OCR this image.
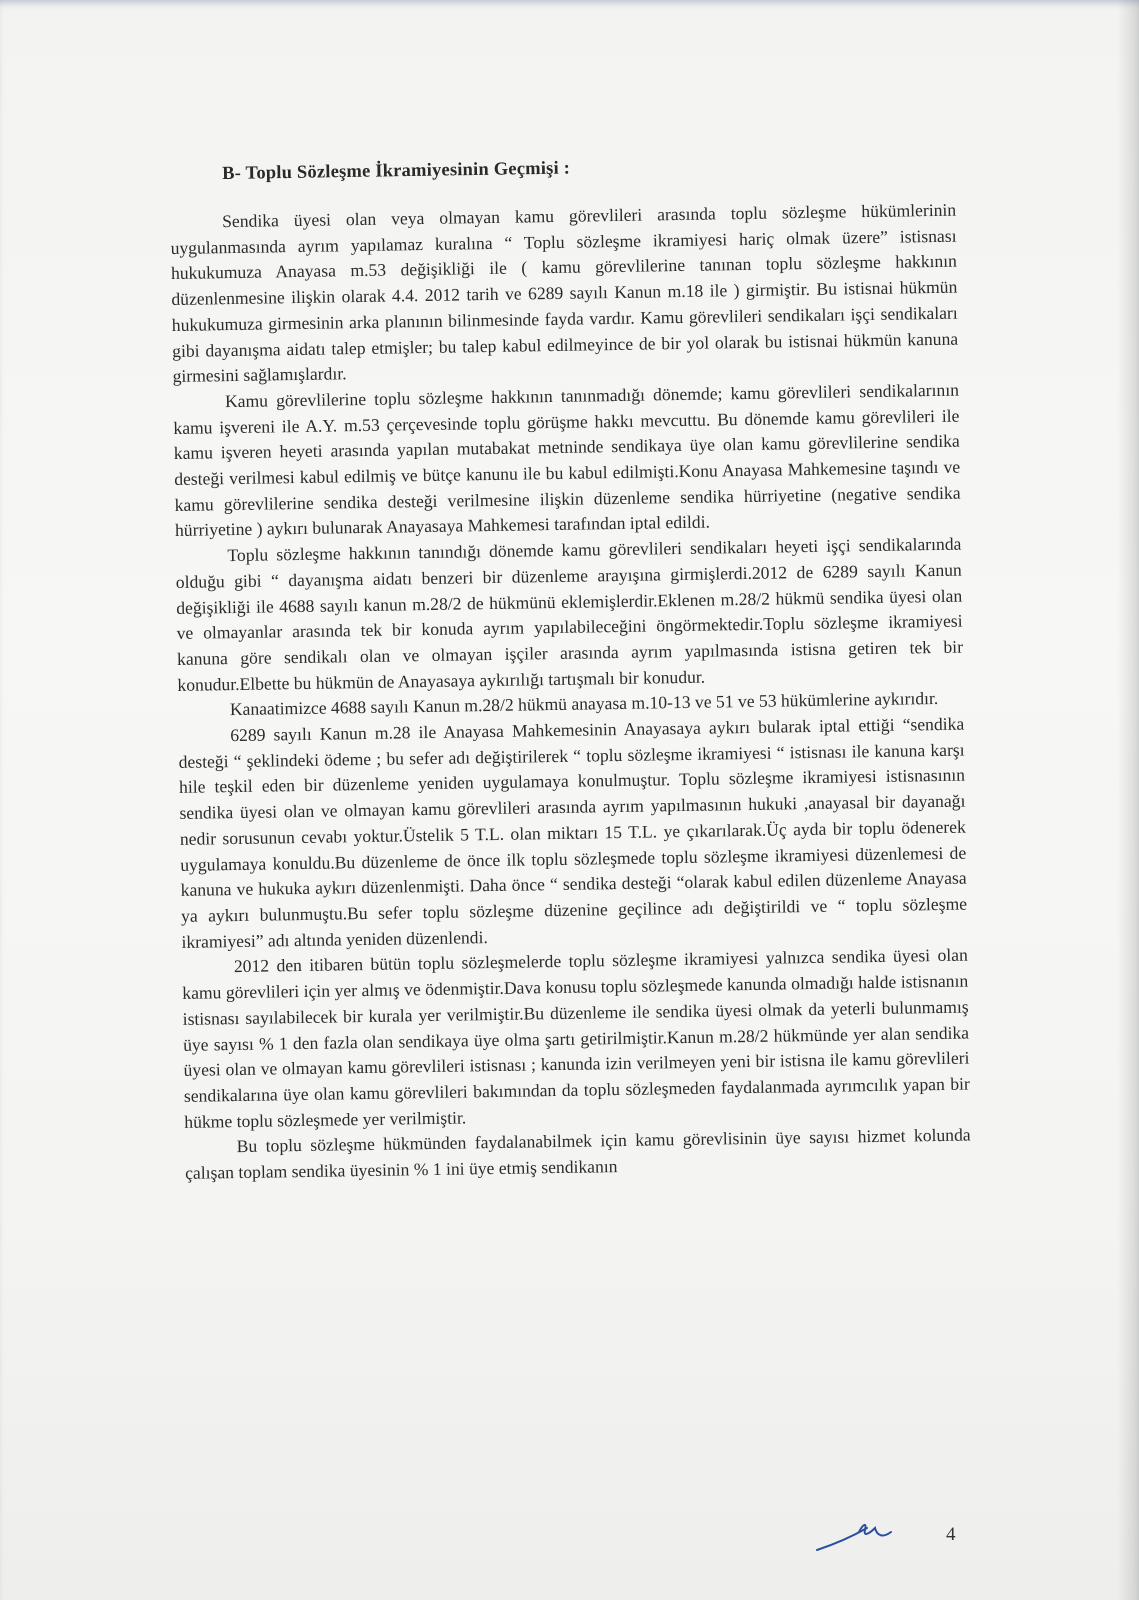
B- Toplu Sözleşme İkramiyesinin Geçmişi :

Sendika üyesi olan veya olmayan kamu görevlileri arasında toplu sözleşme hükümlerinin uygulanmasında ayrım yapılamaz kuralına “ Toplu sözleşme ikramiyesi hariç olmak üzere” istisnası hukukumuza Anayasa m.53 değişikliği ile ( kamu görevlilerine tanınan toplu sözleşme hakkının düzenlenmesine ilişkin olarak 4.4. 2012 tarih ve 6289 sayılı Kanun m.18 ile ) girmiştir. Bu istisnai hükmün hukukumuza girmesinin arka planının bilinmesinde fayda vardır. Kamu görevlileri sendikaları işçi sendikaları gibi dayanışma aidatı talep etmişler; bu talep kabul edilmeyince de bir yol olarak bu istisnai hükmün kanuna girmesini sağlamışlardır.

Kamu görevlilerine toplu sözleşme hakkının tanınmadığı dönemde; kamu görevlileri sendikalarının kamu işvereni ile A.Y. m.53 çerçevesinde toplu görüşme hakkı mevcuttu. Bu dönemde kamu görevlileri ile kamu işveren heyeti arasında yapılan mutabakat metninde sendikaya üye olan kamu görevlilerine sendika desteği verilmesi kabul edilmiş ve bütçe kanunu ile bu kabul edilmişti.Konu Anayasa Mahkemesine taşındı ve kamu görevlilerine sendika desteği verilmesine ilişkin düzenleme sendika hürriyetine (negative sendika hürriyetine ) aykırı bulunarak Anayasaya Mahkemesi tarafından iptal edildi.

Toplu sözleşme hakkının tanındığı dönemde kamu görevlileri sendikaları heyeti işçi sendikalarında olduğu gibi “ dayanışma aidatı benzeri bir düzenleme arayışına girmişlerdi.2012 de 6289 sayılı Kanun değişikliği ile 4688 sayılı kanun m.28/2 de hükmünü eklemişlerdir.Eklenen m.28/2 hükmü sendika üyesi olan ve olmayanlar arasında tek bir konuda ayrım yapılabileceğini öngörmektedir.Toplu sözleşme ikramiyesi kanuna göre sendikalı olan ve olmayan işçiler arasında ayrım yapılmasında istisna getiren tek bir konudur.Elbette bu hükmün de Anayasaya aykırılığı tartışmalı bir konudur.

Kanaatimizce 4688 sayılı Kanun m.28/2 hükmü anayasa m.10-13 ve 51 ve 53 hükümlerine aykırıdır.

6289 sayılı Kanun m.28 ile Anayasa Mahkemesinin Anayasaya aykırı bularak iptal ettiği “sendika desteği “ şeklindeki ödeme ; bu sefer adı değiştirilerek “ toplu sözleşme ikramiyesi “ istisnası ile kanuna karşı hile teşkil eden bir düzenleme yeniden uygulamaya konulmuştur. Toplu sözleşme ikramiyesi istisnasının sendika üyesi olan ve olmayan kamu görevlileri arasında ayrım yapılmasının hukuki ,anayasal bir dayanağı nedir sorusunun cevabı yoktur.Üstelik 5 T.L. olan miktarı 15 T.L. ye çıkarılarak.Üç ayda bir toplu ödenerek uygulamaya konuldu.Bu düzenleme de önce ilk toplu sözleşmede toplu sözleşme ikramiyesi düzenlemesi de kanuna ve hukuka aykırı düzenlenmişti. Daha önce “ sendika desteği “olarak kabul edilen düzenleme Anayasa ya aykırı bulunmuştu.Bu sefer toplu sözleşme düzenine geçilince adı değiştirildi ve “ toplu sözleşme ikramiyesi” adı altında yeniden düzenlendi.

2012 den itibaren bütün toplu sözleşmelerde toplu sözleşme ikramiyesi yalnızca sendika üyesi olan kamu görevlileri için yer almış ve ödenmiştir.Dava konusu toplu sözleşmede kanunda olmadığı halde istisnanın istisnası sayılabilecek bir kurala yer verilmiştir.Bu düzenleme ile sendika üyesi olmak da yeterli bulunmamış üye sayısı % 1 den fazla olan sendikaya üye olma şartı getirilmiştir.Kanun m.28/2 hükmünde yer alan sendika üyesi olan ve olmayan kamu görevlileri istisnası ; kanunda izin verilmeyen yeni bir istisna ile kamu görevlileri sendikalarına üye olan kamu görevlileri bakımından da toplu sözleşmeden faydalanmada ayrımcılık yapan bir hükme toplu sözleşmede yer verilmiştir.

Bu toplu sözleşme hükmünden faydalanabilmek için kamu görevlisinin üye sayısı hizmet kolunda çalışan toplam sendika üyesinin % 1 ini üye etmiş sendikanın

4
